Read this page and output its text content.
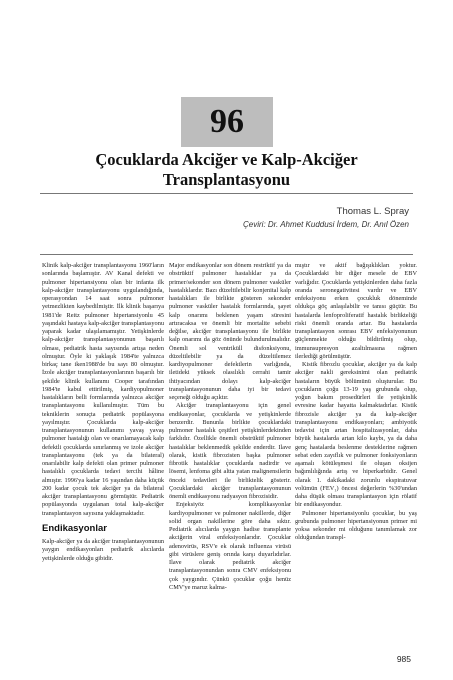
96
Çocuklarda Akciğer ve Kalp-Akciğer
Transplantasyonu
Thomas L. Spray
Çeviri: Dr. Ahmet Kuddusi İrdem, Dr. Anıl Özen

Klinik kalp-akciğer transplantasyonu 1960'ların sonlarında başlamıştır. AV Kanal defekti ve pulmoner hipertansiyonu olan bir infanta ilk kalp-akciğer transplantasyonu uygulandığında, operasyondan 14 saat sonra pulmoner yetmezlikten kaybedilmiştir. İlk klinik başarıya 1981'de Reitz pulmoner hipertansiyonlu 45 yaşındaki hastaya kalp-akciğer transplantasyonu yaparak kadar ulaşılamamıştır. Yetişkinlerde kalp-akciğer transplantasyonunun başarılı olması, pediatrik hasta sayısında artışa neden olmuştur. Öyle ki yaklaşık 1984'te yalnızca birkaç tane iken1988'de bu sayı 80 olmuştur. İzole akciğer transplantasyonlarının başarılı bir şekilde klinik kullanımı Cooper tarafından 1984'te kabul ettirilmiş, kardiyopulmoner hastalıkların belli formlarında yalnızca akciğer transplantasyonu kullanılmıştır. Tüm bu tekniklerin sonuçta pediatrik popülasyona yayılmıştır. Çocuklarda kalp-akciğer transplantasyonunun kullanımı yavaş yavaş pulmoner hastalığı olan ve onarılamayacak kalp defektli çocuklarda sınırlanmış ve izole akciğer transplantasyonu (tek ya da bilateral) onarılabilir kalp defekti olan primer pulmoner hastalıklı çocuklarda tedavi tercihi hâline almıştır. 1996'ya kadar 16 yaşından daha küçük 200 kadar çocuk tek akciğer ya da bilateral akciğer transplantasyonu görmüştür. Pediatrik popülasyonda uygulanan total kalp-akciğer transplantasyon sayısına yaklaşmaktadır.

Endikasyonlar

Kalp-akciğer ya da akciğer transplantasyonunun yaygın endikasyonları pediatrik alıcılarda yetişkinlerde olduğu gibidir.

Major endikasyonlar son dönem restriktif ya da obstrüktif pulmoner hastalıklar ya da primer/sekonder son dönem pulmoner vasküler hastalıklardır. Bazı düzeltilebilir konjenital kalp hastalıkları ile birlikte gösteren sekonder pulmoner vasküler hastalık formlarında, şayet kalp onarımı beklenen yaşam süresini artıracaksa ve önemli bir mortalite sebebi değilse, akciğer transplantasyonu ile birlikte kalp onarımı da göz önünde bulundurulmalıdır. Önemli sol ventriküll disfonksiyonu, düzeltilebilir ya da düzeltilemez kardiyopulmoner defektlerin varlığında, iletideki yüksek olasılıklı cerrahi tamir ihtiyacından dolayı kalp-akciğer transplantasyonunun daha iyi bir tedavi seçeneği olduğu açıktır.

Akciğer transplantasyonu için genel endikasyonlar, çocuklarda ve yetişkinlerde benzerdir. Bununla birlikte çocuklardaki pulmoner hastalık çeşitleri yetişkinlerdekinden farklıdır. Özellikle önemli obstrüktif pulmoner hastalıklar beklenmedik şekilde enderdir. Ilave olarak, kistik fibrozisten başka pulmoner fibrotik hastalıklar çocuklarda nadirdir ve lösemi, lenfoma gibi altta yatan malignensilerin önceki tedavileri ile birliktelik gösterir. Çocuklardaki akciğer transplantasyonunun önemli endikasyonu radyasyon fibrozisidir.

Enjeksiyöz komplikasyonlar kardiyopulmoner ve pulmoner nakillerde, diğer solid organ nakillerine göre daha sıktır. Pediatrik alıcılarda yaygın hadise transplante akciğerin viral enfeksiyonlarıdır. Çocuklar adenovirüs, RSV'e ek olarak influenza virüsü gibi virüslere geniş orında karşı duyarlıdırlar. Ilave olarak pediatrik akciğer transplantasyonundan sonra CMV enfeksiyonu çok yaygındır. Çünkü çocuklar çoğu henüz CMV'ye maruz kalma-

mıştır ve aktif bağışıklıkları yoktur. Çocuklardaki bir diğer mesele de EBV varlığıdır. Çocuklarda yetişkinlerden daha fazla oranda seronegativitesi vardır ve EBV enfeksiyonu erken çocukluk döneminde oldukça göç anlaşılabilir ve tanısı güçtür. Bu hastalarda lenfoproliferatif hastalık birlikteliği riski önemli oranda artar. Bu hastalarda transplantasyon sonrası EBV enfeksiyonunun güçlenmekte olduğu bildirilmiş olup, immunsupresyon azaltılmasına rağmen ilerlediği görülmüştür.

Kistik fibrozlu çocuklar, akciğer ya da kalp akciğer nakli gereksinimi olan pediatrik hastaların büyük bölümünü oluşturular. Bu çocukların çoğu 13-19 yaş grubunda olup, yoğun bakım prosedürleri ile yetişkinlik evresine kadar hayatta kalmaktadırlar. Kistik fibrozisle akciğer ya da kalp-akciğer transplantasyonu endikasyonları; ambiyotik tedavisi için artan hospitalizasyonlar, daha büyük hastalarda artan kilo kaybı, ya da daha genç hastalarda beslenme desteklerine rağmen sebat eden zayıflık ve pulmoner fonksiyonların aşamalı kötüleşmesi ile oluşan oksijen bağımlılığında artış ve hiperkarbidir. Genel olarak 1. dakikadaki zorunlu ekspiratuvar volümün (FEV₁) öncesi değerlerin %30'undan daha düşük olması transplantasyon için rölatif bir endikasyondur.

Pulmoner hipertansiyonlu çocuklar, bu yaş grubunda pulmoner hipertansiyonun primer mi yoksa sekonder mi olduğunu tanımlamak zor olduğundan transpl-

985
